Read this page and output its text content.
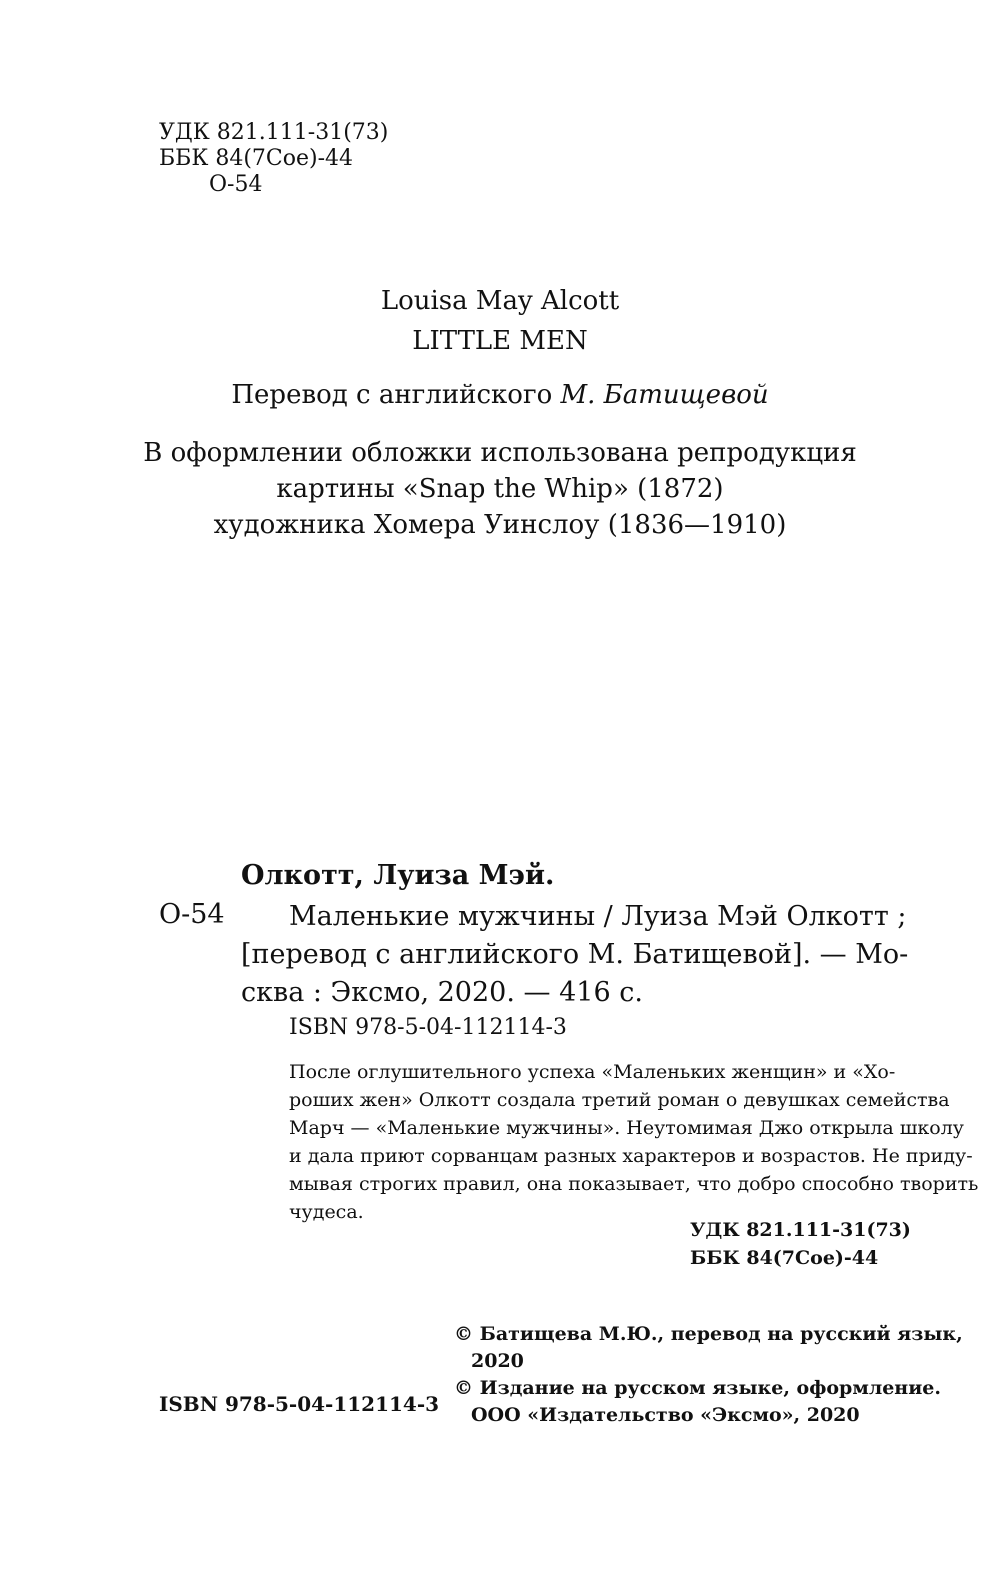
УДК 821.111-31(73)
ББК 84(7Сое)-44
О-54
Louisa May Alcott
LITTLE MEN
Перевод с английского М. Батищевой
В оформлении обложки использована репродукция
картины «Snap the Whip» (1872)
художника Хомера Уинслоу (1836—1910)
Олкотт, Луиза Мэй.
О-54	Маленькие мужчины / Луиза Мэй Олкотт ;
[перевод с английского М. Батищевой]. — Мо-
сква : Эксмо, 2020. — 416 с.
ISBN 978-5-04-112114-3
После оглушительного успеха «Маленьких женщин» и «Хо-
роших жен» Олкотт создала третий роман о девушках семейства
Марч — «Маленькие мужчины». Неутомимая Джо открыла школу
и дала приют сорванцам разных характеров и возрастов. Не приду-
мывая строгих правил, она показывает, что добро способно творить
чудеса.
УДК 821.111-31(73)
ББК 84(7Сое)-44
© Батищева М.Ю., перевод на русский язык,
2020
© Издание на русском языке, оформление.
ООО «Издательство «Эксмо», 2020
ISBN 978-5-04-112114-3
